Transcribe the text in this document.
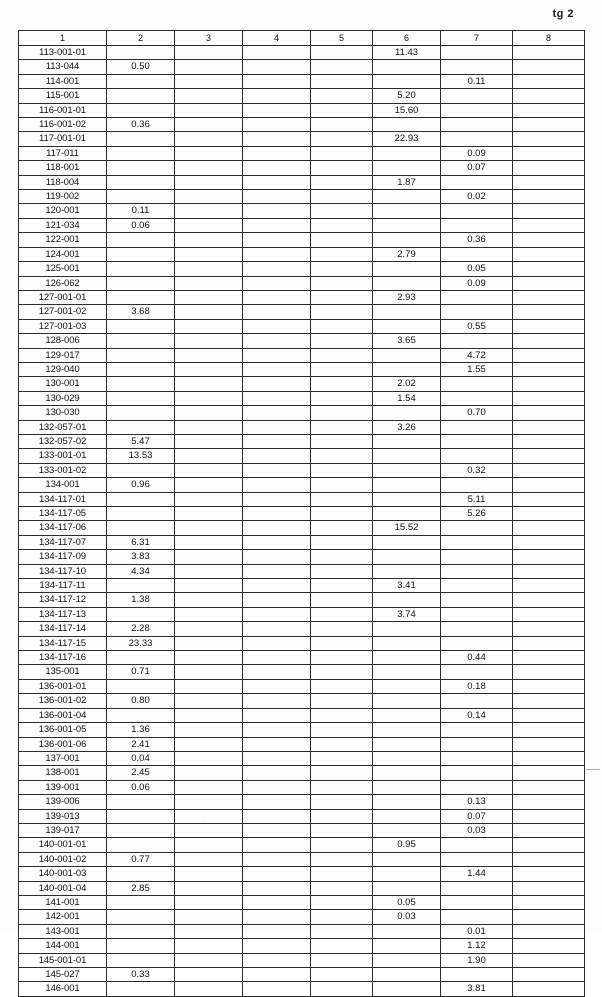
tg 2
1	2	3	4	5	6	7	8
113-001-01					11.43		
113-044	0.50						
114-001						0.11	
115-001					5.20		
116-001-01					15.60		
116-001-02	0.36						
117-001-01					22.93		
117-011						0.09	
118-001						0.07	
118-004					1.87		
119-002						0.02	
120-001	0.11						
121-034	0.06						
122-001						0.36	
124-001					2.79		
125-001						0.05	
126-062						0.09	
127-001-01					2.93		
127-001-02	3.68						
127-001-03						0.55	
128-006					3.65		
129-017						4.72	
129-040						1.55	
130-001					2.02		
130-029					1.54		
130-030						0.70	
132-057-01					3.26		
132-057-02	5.47						
133-001-01	13.53						
133-001-02						0.32	
134-001	0.96						
134-117-01						5.11	
134-117-05						5.26	
134-117-06					15.52		
134-117-07	6.31						
134-117-09	3.83						
134-117-10	4.34						
134-117-11					3.41		
134-117-12	1.38						
134-117-13					3.74		
134-117-14	2.28						
134-117-15	23.33						
134-117-16						0.44	
135-001	0.71						
136-001-01						0.18	
136-001-02	0.80						
136-001-04						0.14	
136-001-05	1.36						
136-001-06	2.41						
137-001	0.04						
138-001	2.45						
139-001	0.06						
139-006						0.13	
139-013						0.07	
139-017						0.03	
140-001-01					0.95		
140-001-02	0.77						
140-001-03						1.44	
140-001-04	2.85						
141-001					0.05		
142-001					0.03		
143-001						0.01	
144-001						1.12	
145-001-01						1.90	
145-027	0.33						
146-001						3.81	
